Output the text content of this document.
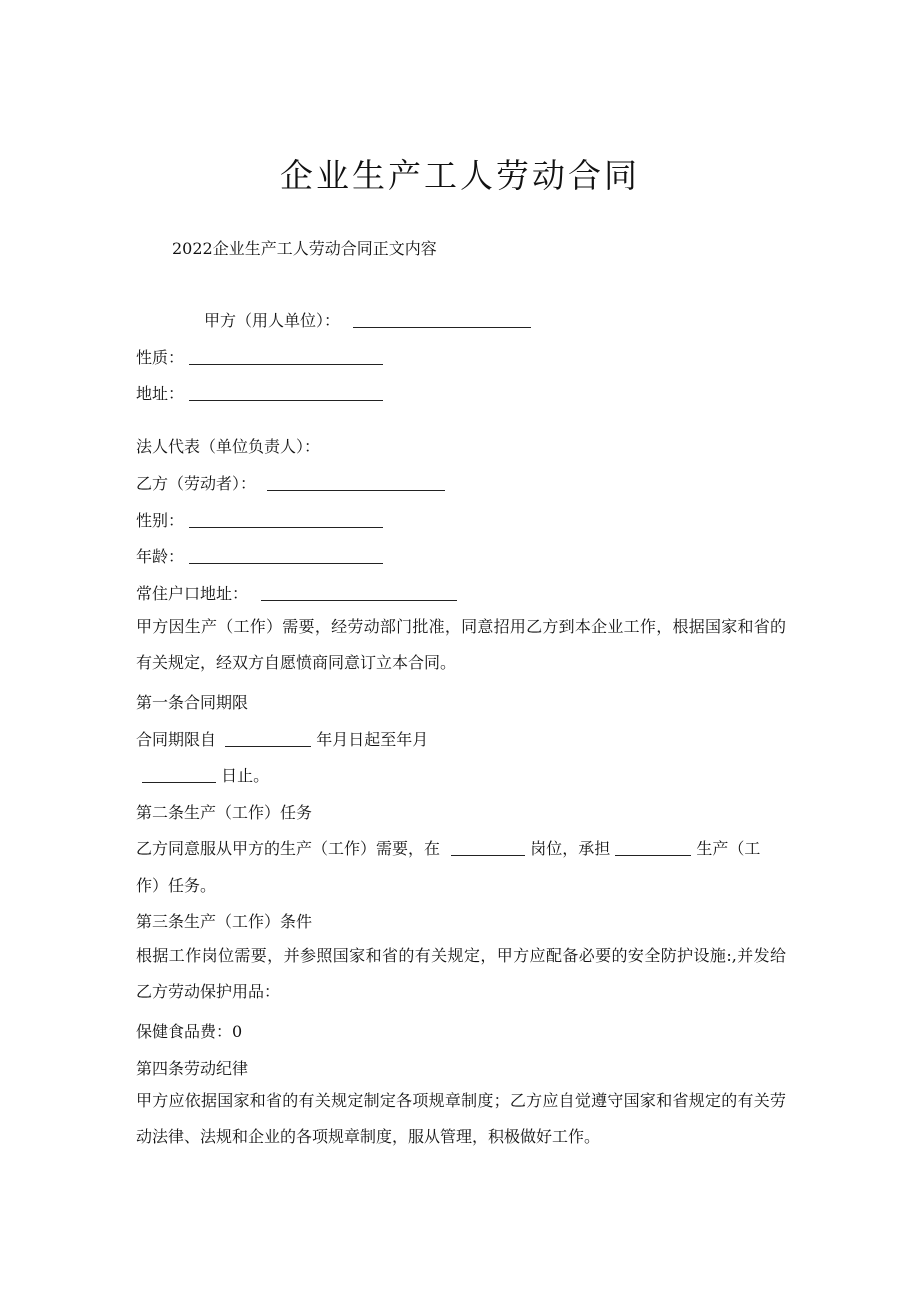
企业生产工人劳动合同
2022企业生产工人劳动合同正文内容
甲方（用人单位）：
性质：
地址：
法人代表（单位负责人）：
乙方（劳动者）：
性别：
年龄：
常住户口地址：
甲方因生产（工作）需要，经劳动部门批准，同意招用乙方到本企业工作，根据国家和省的有关规定，经双方自愿愤商同意订立本合同。
第一条合同期限
合同期限自	年月日起至年月
日止。
第二条生产（工作）任务
乙方同意服从甲方的生产（工作）需要，在	岗位，承担	生产（工
作）任务。
第三条生产（工作）条件
根据工作岗位需要，并参照国家和省的有关规定，甲方应配备必要的安全防护设施:,并发给乙方劳动保护用品：
保健食品费：0
第四条劳动纪律
甲方应依据国家和省的有关规定制定各项规章制度；乙方应自觉遵守国家和省规定的有关劳动法律、法规和企业的各项规章制度，服从管理，积极做好工作。
